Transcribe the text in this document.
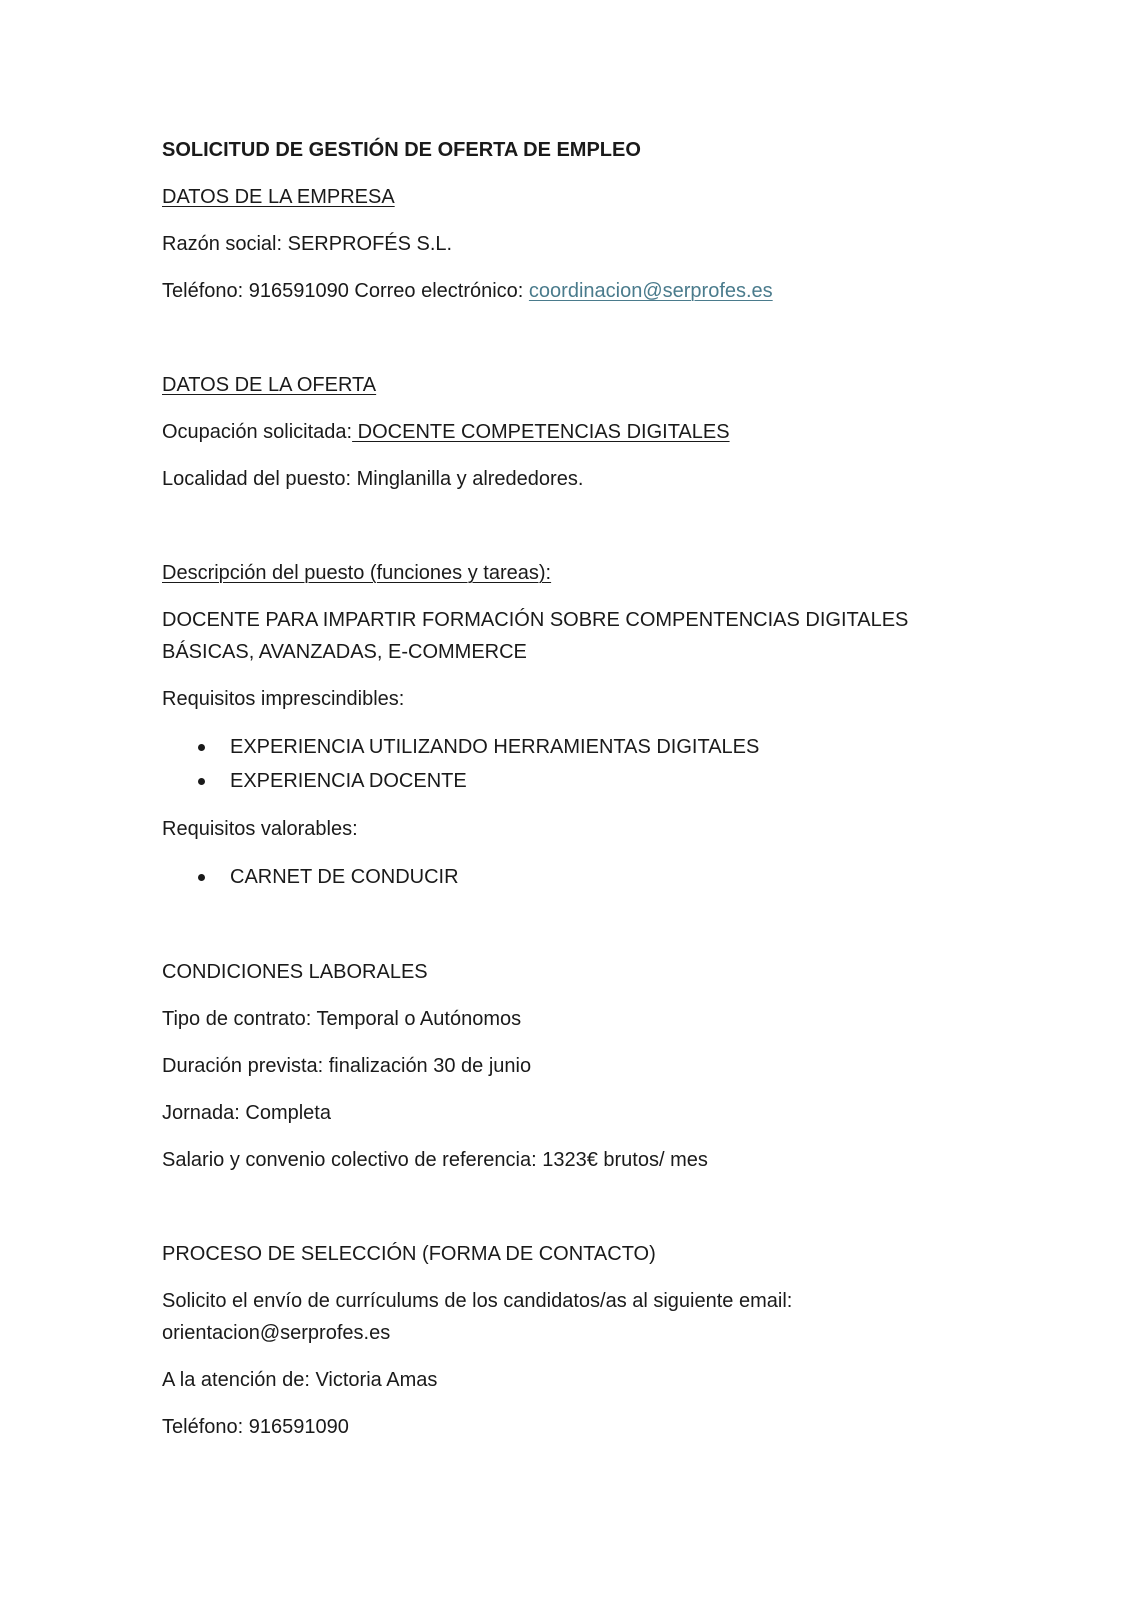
SOLICITUD DE GESTIÓN DE OFERTA DE EMPLEO
DATOS DE LA EMPRESA
Razón social: SERPROFÉS S.L.
Teléfono: 916591090 Correo electrónico: coordinacion@serprofes.es
DATOS DE LA OFERTA
Ocupación solicitada: DOCENTE COMPETENCIAS DIGITALES
Localidad del puesto: Minglanilla y alrededores.
Descripción del puesto (funciones y tareas):
DOCENTE PARA IMPARTIR FORMACIÓN SOBRE COMPENTENCIAS DIGITALES BÁSICAS, AVANZADAS, E-COMMERCE
Requisitos imprescindibles:
EXPERIENCIA UTILIZANDO HERRAMIENTAS DIGITALES
EXPERIENCIA DOCENTE
Requisitos valorables:
CARNET DE CONDUCIR
CONDICIONES LABORALES
Tipo de contrato: Temporal o Autónomos
Duración prevista: finalización 30 de junio
Jornada: Completa
Salario y convenio colectivo de referencia: 1323€ brutos/ mes
PROCESO DE SELECCIÓN (FORMA DE CONTACTO)
Solicito el envío de currículums de los candidatos/as al siguiente email:
orientacion@serprofes.es
A la atención de: Victoria Amas
Teléfono: 916591090
